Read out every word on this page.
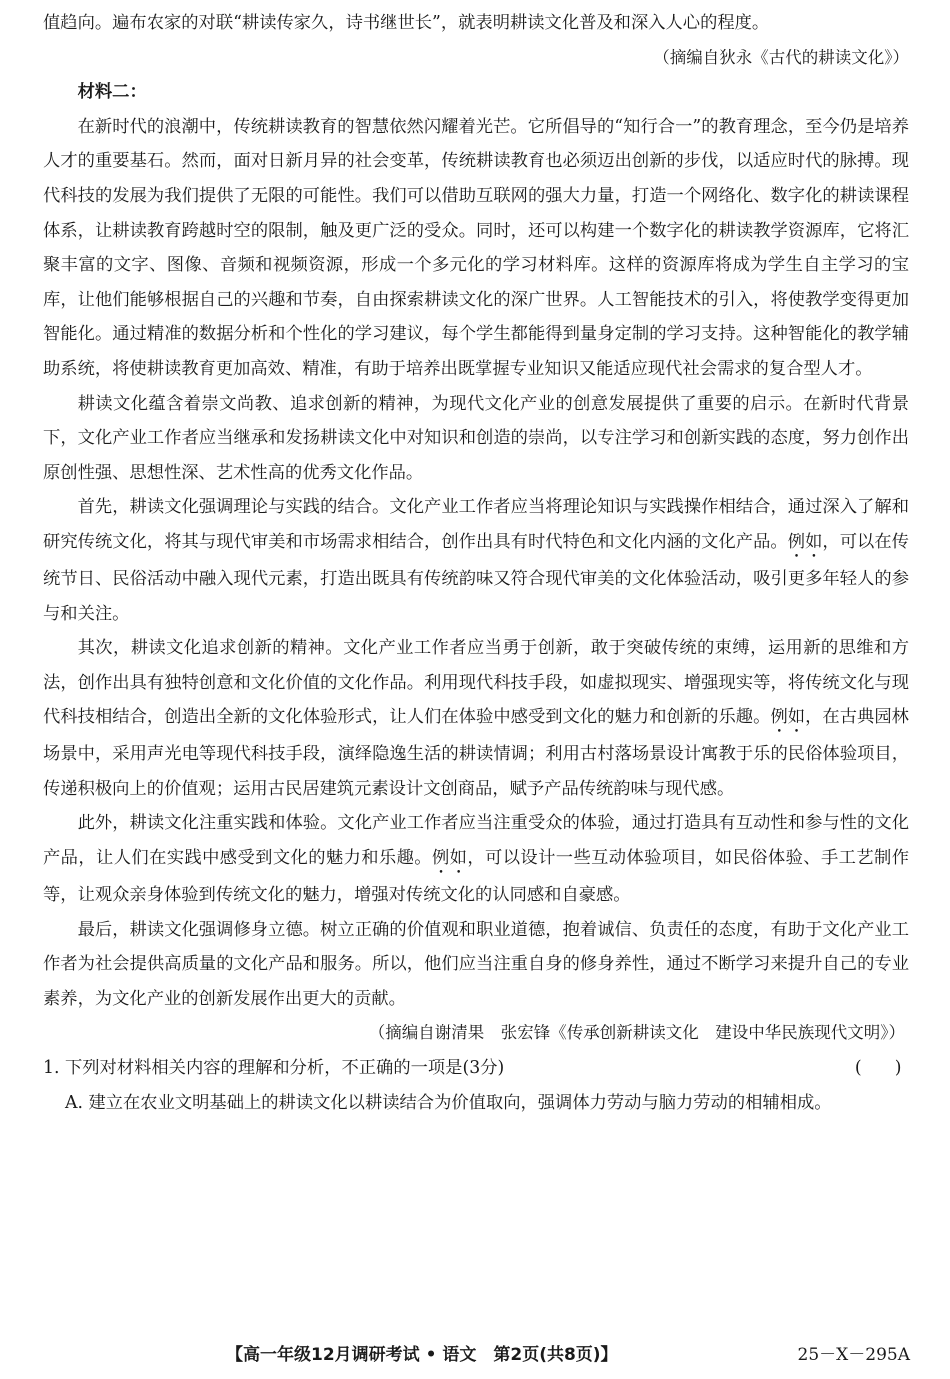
值趋向。遍布农家的对联“耕读传家久，诗书继世长”，就表明耕读文化普及和深入人心的程度。

（摘编自狄永《古代的耕读文化》）

材料二：

在新时代的浪潮中，传统耕读教育的智慧依然闪耀着光芒。它所倡导的“知行合一”的教育理念，至今仍是培养人才的重要基石。然而，面对日新月异的社会变革，传统耕读教育也必须迈出创新的步伐，以适应时代的脉搏。现代科技的发展为我们提供了无限的可能性。我们可以借助互联网的强大力量，打造一个网络化、数字化的耕读课程体系，让耕读教育跨越时空的限制，触及更广泛的受众。同时，还可以构建一个数字化的耕读教学资源库，它将汇聚丰富的文字、图像、音频和视频资源，形成一个多元化的学习材料库。这样的资源库将成为学生自主学习的宝库，让他们能够根据自己的兴趣和节奏，自由探索耕读文化的深广世界。人工智能技术的引入，将使教学变得更加智能化。通过精准的数据分析和个性化的学习建议，每个学生都能得到量身定制的学习支持。这种智能化的教学辅助系统，将使耕读教育更加高效、精准，有助于培养出既掌握专业知识又能适应现代社会需求的复合型人才。

耕读文化蕴含着崇文尚教、追求创新的精神，为现代文化产业的创意发展提供了重要的启示。在新时代背景下，文化产业工作者应当继承和发扬耕读文化中对知识和创造的崇尚，以专注学习和创新实践的态度，努力创作出原创性强、思想性深、艺术性高的优秀文化作品。

首先，耕读文化强调理论与实践的结合。文化产业工作者应当将理论知识与实践操作相结合，通过深入了解和研究传统文化，将其与现代审美和市场需求相结合，创作出具有时代特色和文化内涵的文化产品。例如，可以在传统节日、民俗活动中融入现代元素，打造出既具有传统韵味又符合现代审美的文化体验活动，吸引更多年轻人的参与和关注。

其次，耕读文化追求创新的精神。文化产业工作者应当勇于创新，敢于突破传统的束缚，运用新的思维和方法，创作出具有独特创意和文化价值的文化作品。利用现代科技手段，如虚拟现实、增强现实等，将传统文化与现代科技相结合，创造出全新的文化体验形式，让人们在体验中感受到文化的魅力和创新的乐趣。例如，在古典园林场景中，采用声光电等现代科技手段，演绎隐逸生活的耕读情调；利用古村落场景设计寓教于乐的民俗体验项目，传递积极向上的价值观；运用古民居建筑元素设计文创商品，赋予产品传统韵味与现代感。

此外，耕读文化注重实践和体验。文化产业工作者应当注重受众的体验，通过打造具有互动性和参与性的文化产品，让人们在实践中感受到文化的魅力和乐趣。例如，可以设计一些互动体验项目，如民俗体验、手工艺制作等，让观众亲身体验到传统文化的魅力，增强对传统文化的认同感和自豪感。

最后，耕读文化强调修身立德。树立正确的价值观和职业道德，抱着诚信、负责任的态度，有助于文化产业工作者为社会提供高质量的文化产品和服务。所以，他们应当注重自身的修身养性，通过不断学习来提升自己的专业素养，为文化产业的创新发展作出更大的贡献。

（摘编自谢清果　张宏锋《传承创新耕读文化　建设中华民族现代文明》）

1. 下列对材料相关内容的理解和分析，不正确的一项是(3分)	(　 )

A. 建立在农业文明基础上的耕读文化以耕读结合为价值取向，强调体力劳动与脑力劳动的相辅相成。

【高一年级12月调研考试 • 语文　第2页(共8页)】	25－X－295A
